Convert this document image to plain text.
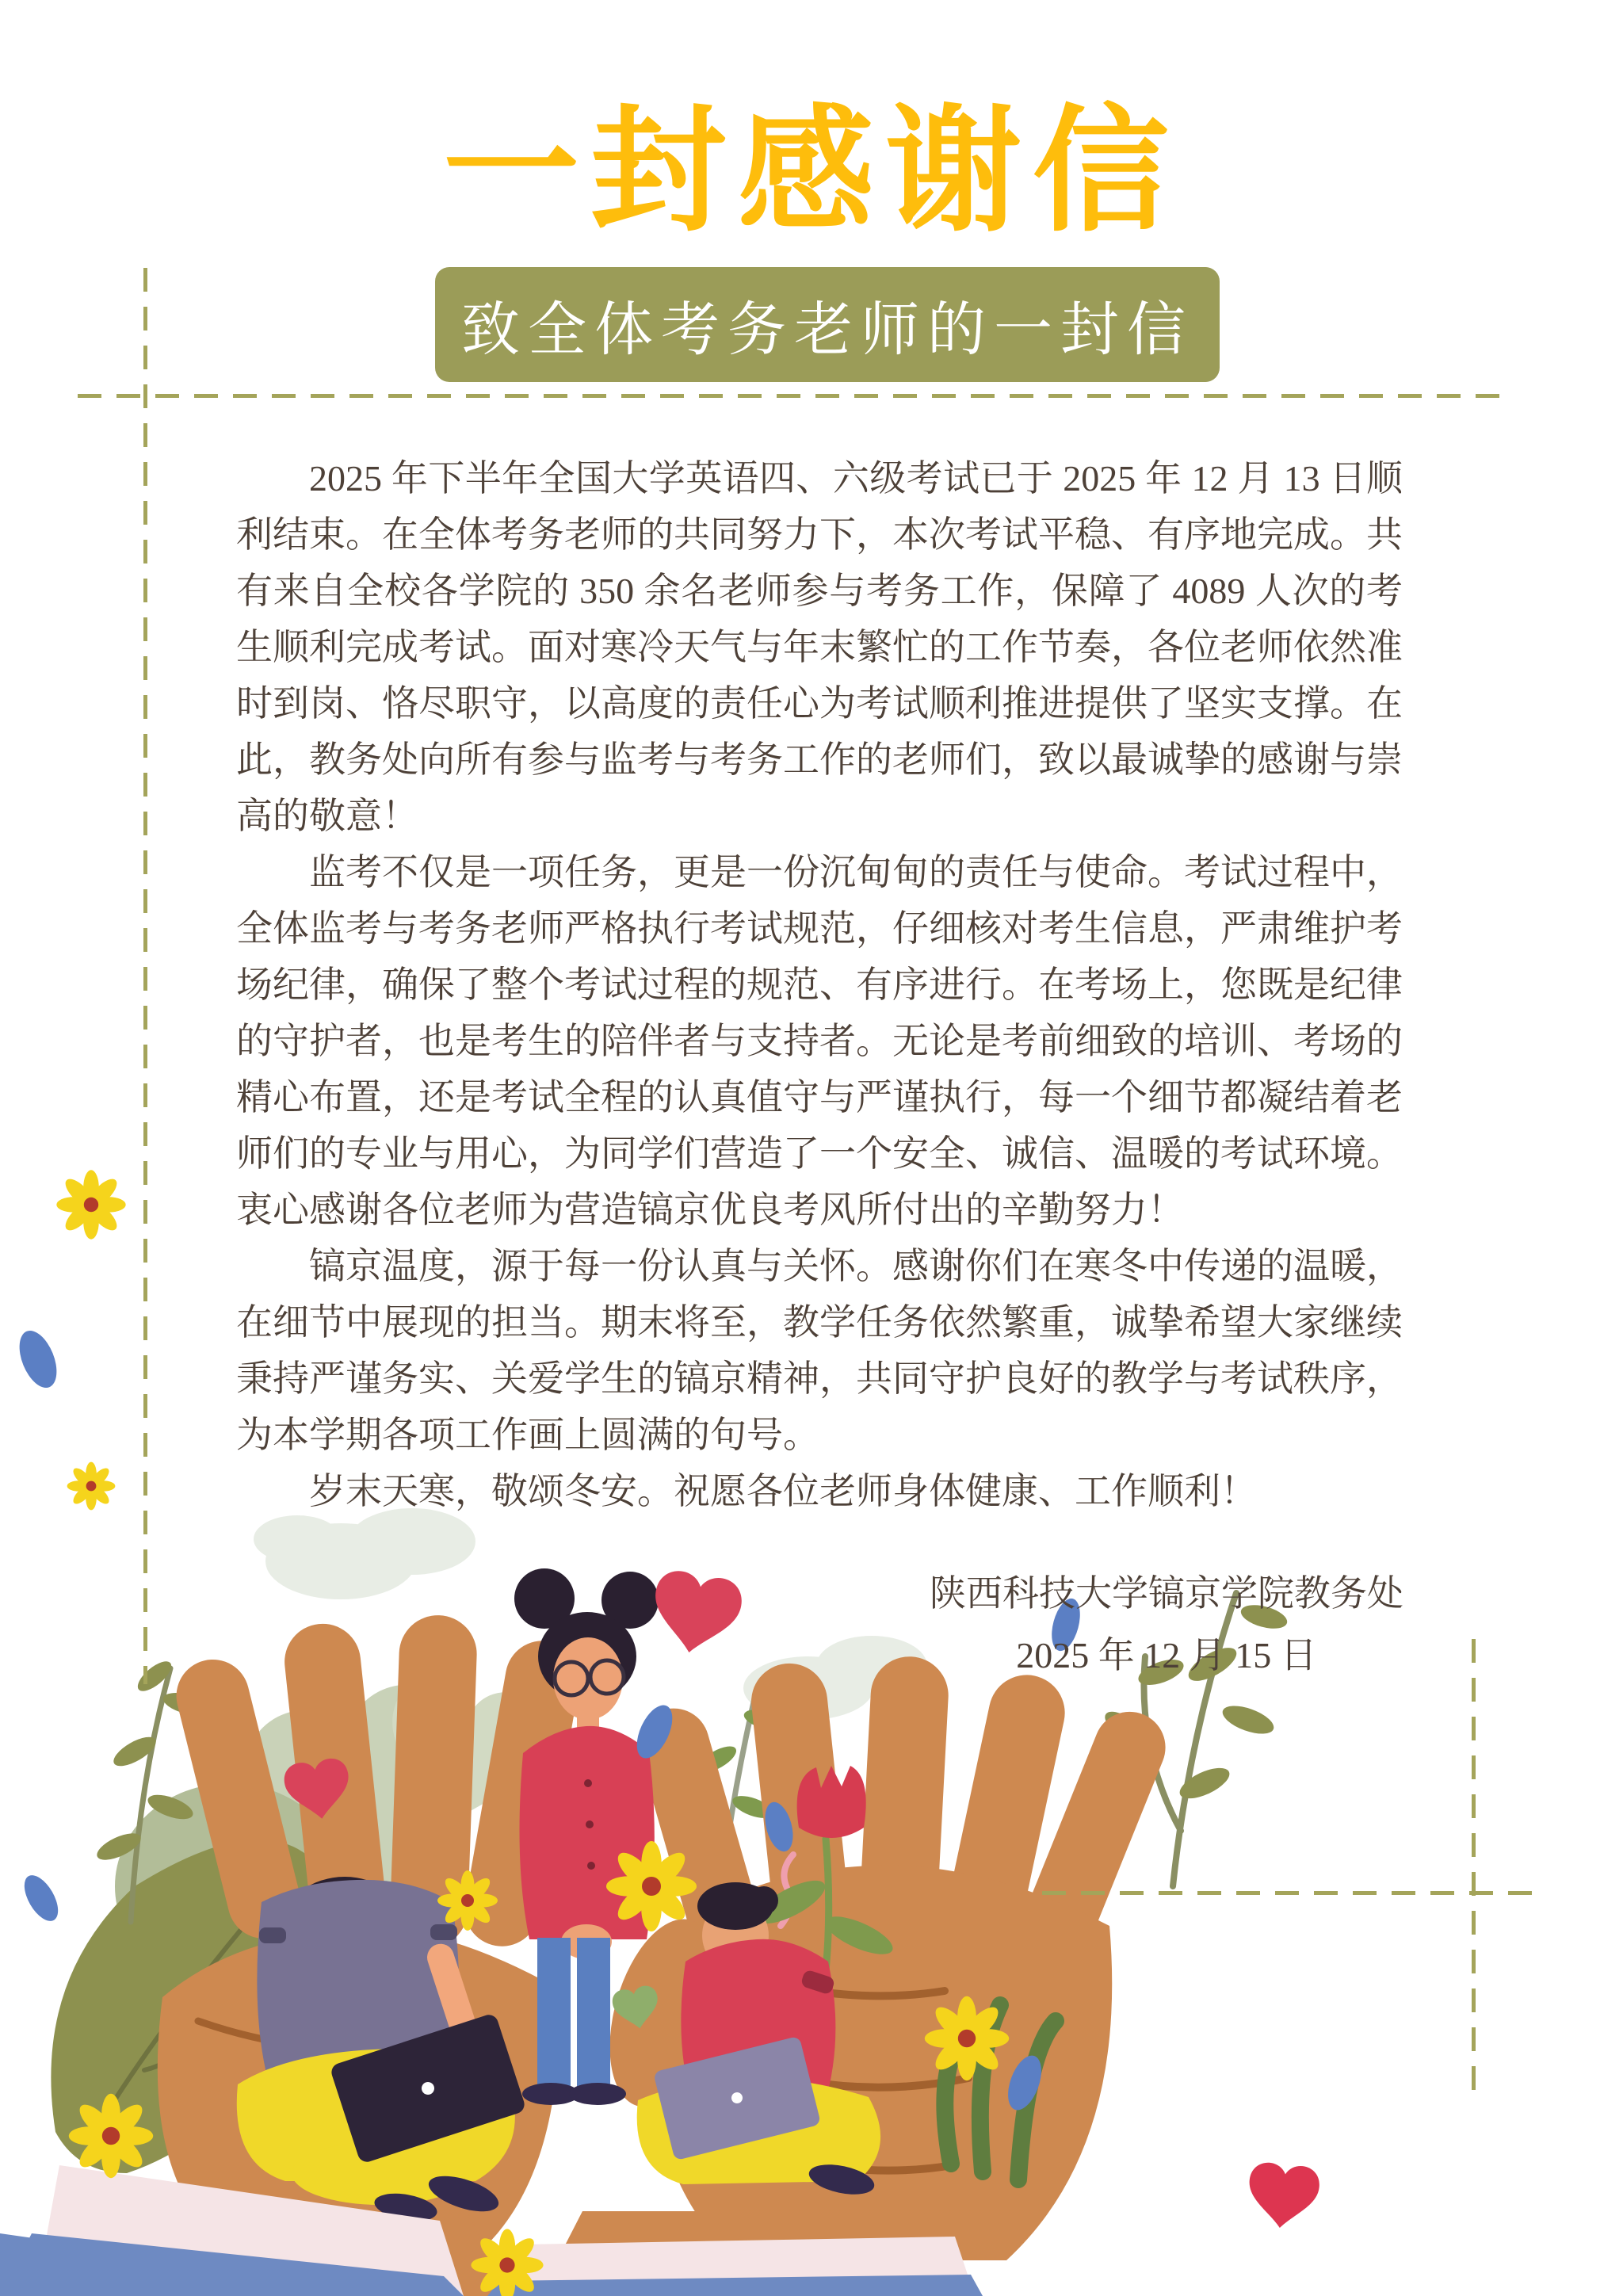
一封感谢信
致全体考务老师的一封信

2025 年下半年全国大学英语四、六级考试已于 2025 年 12 月 13 日顺利结束。在全体考务老师的共同努力下，本次考试平稳、有序地完成。共有来自全校各学院的 350 余名老师参与考务工作，保障了 4089 人次的考生顺利完成考试。面对寒冷天气与年末繁忙的工作节奏，各位老师依然准时到岗、恪尽职守，以高度的责任心为考试顺利推进提供了坚实支撑。在此，教务处向所有参与监考与考务工作的老师们，致以最诚挚的感谢与崇高的敬意！

监考不仅是一项任务，更是一份沉甸甸的责任与使命。考试过程中，全体监考与考务老师严格执行考试规范，仔细核对考生信息，严肃维护考场纪律，确保了整个考试过程的规范、有序进行。在考场上，您既是纪律的守护者，也是考生的陪伴者与支持者。无论是考前细致的培训、考场的精心布置，还是考试全程的认真值守与严谨执行，每一个细节都凝结着老师们的专业与用心，为同学们营造了一个安全、诚信、温暖的考试环境。衷心感谢各位老师为营造镐京优良考风所付出的辛勤努力！

镐京温度，源于每一份认真与关怀。感谢你们在寒冬中传递的温暖，在细节中展现的担当。期末将至，教学任务依然繁重，诚挚希望大家继续秉持严谨务实、关爱学生的镐京精神，共同守护良好的教学与考试秩序，为本学期各项工作画上圆满的句号。

岁末天寒，敬颂冬安。祝愿各位老师身体健康、工作顺利！

陕西科技大学镐京学院教务处
2025 年 12 月 15 日
